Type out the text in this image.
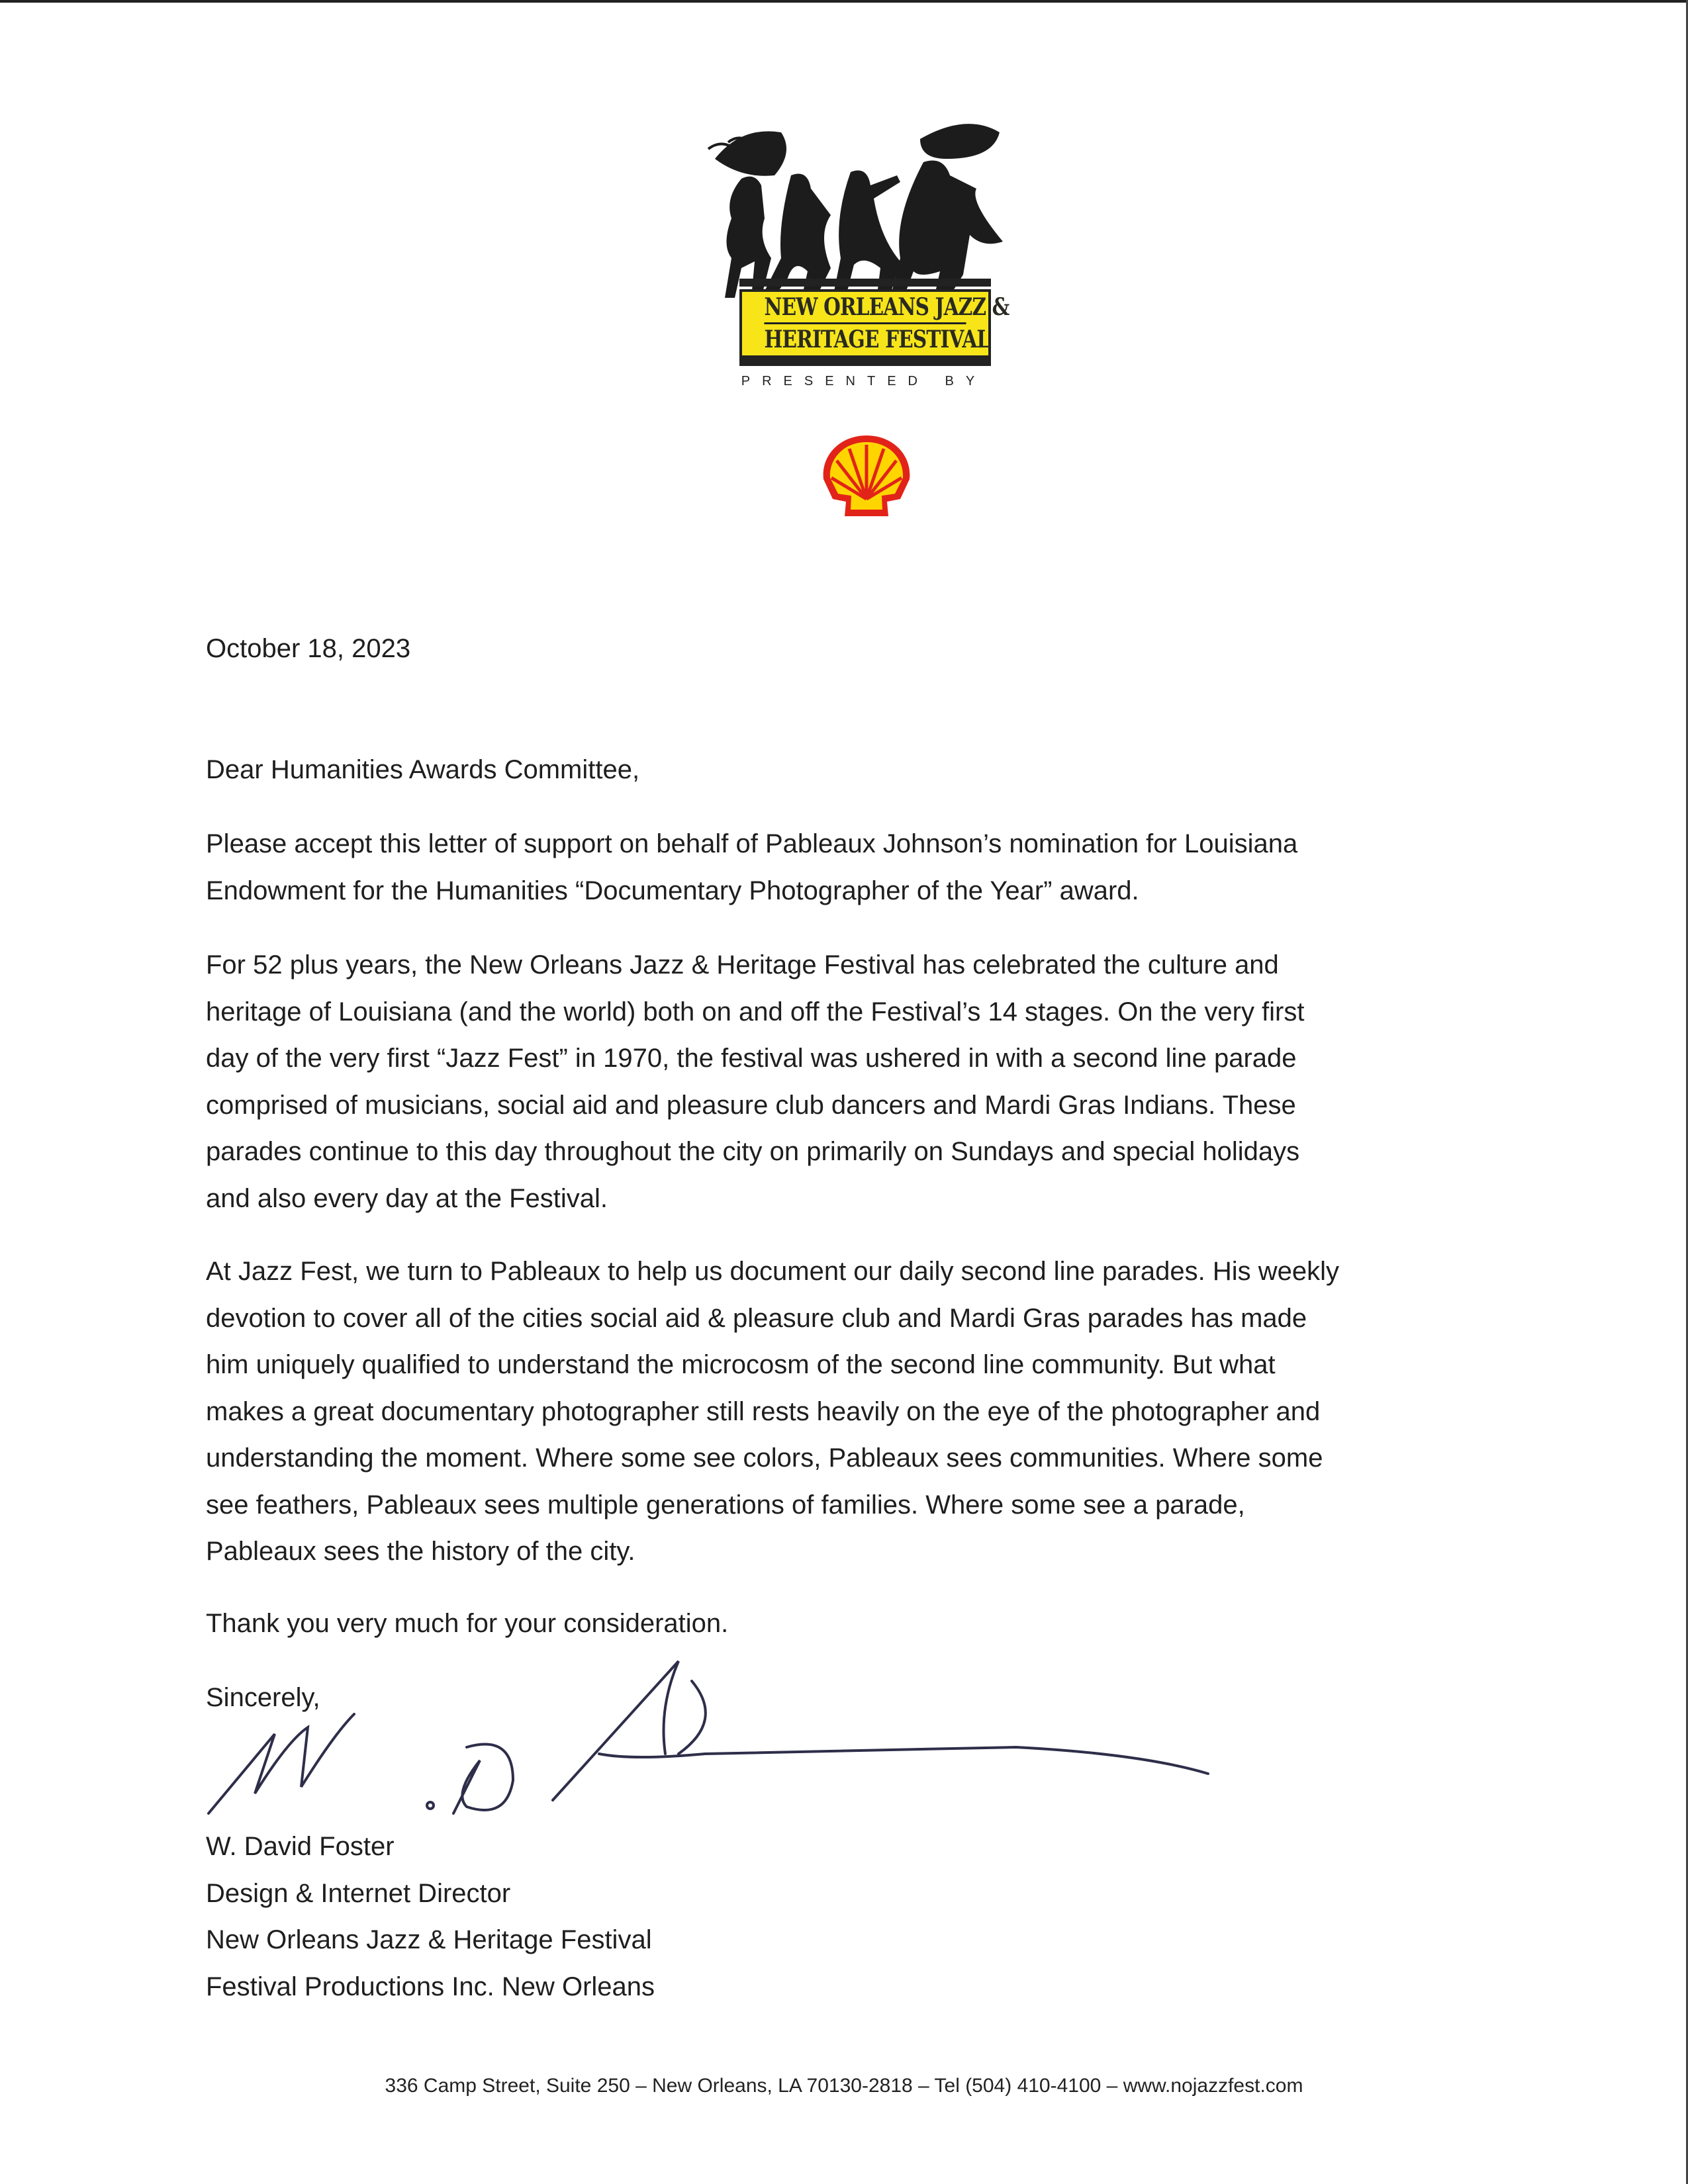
NEW ORLEANS JAZZ &
HERITAGE FESTIVAL
PRESENTED BY
October 18, 2023
Dear Humanities Awards Committee,
Please accept this letter of support on behalf of Pableaux Johnson’s nomination for Louisiana
Endowment for the Humanities “Documentary Photographer of the Year” award.
For 52 plus years, the New Orleans Jazz & Heritage Festival has celebrated the culture and
heritage of Louisiana (and the world) both on and off the Festival’s 14 stages. On the very first
day of the very first “Jazz Fest” in 1970, the festival was ushered in with a second line parade
comprised of musicians, social aid and pleasure club dancers and Mardi Gras Indians. These
parades continue to this day throughout the city on primarily on Sundays and special holidays
and also every day at the Festival.
At Jazz Fest, we turn to Pableaux to help us document our daily second line parades. His weekly
devotion to cover all of the cities social aid & pleasure club and Mardi Gras parades has made
him uniquely qualified to understand the microcosm of the second line community. But what
makes a great documentary photographer still rests heavily on the eye of the photographer and
understanding the moment. Where some see colors, Pableaux sees communities. Where some
see feathers, Pableaux sees multiple generations of families. Where some see a parade,
Pableaux sees the history of the city.
Thank you very much for your consideration.
Sincerely,
W. David Foster
Design & Internet Director
New Orleans Jazz & Heritage Festival
Festival Productions Inc. New Orleans
336 Camp Street, Suite 250 – New Orleans, LA 70130-2818 – Tel (504) 410-4100 – www.nojazzfest.com
